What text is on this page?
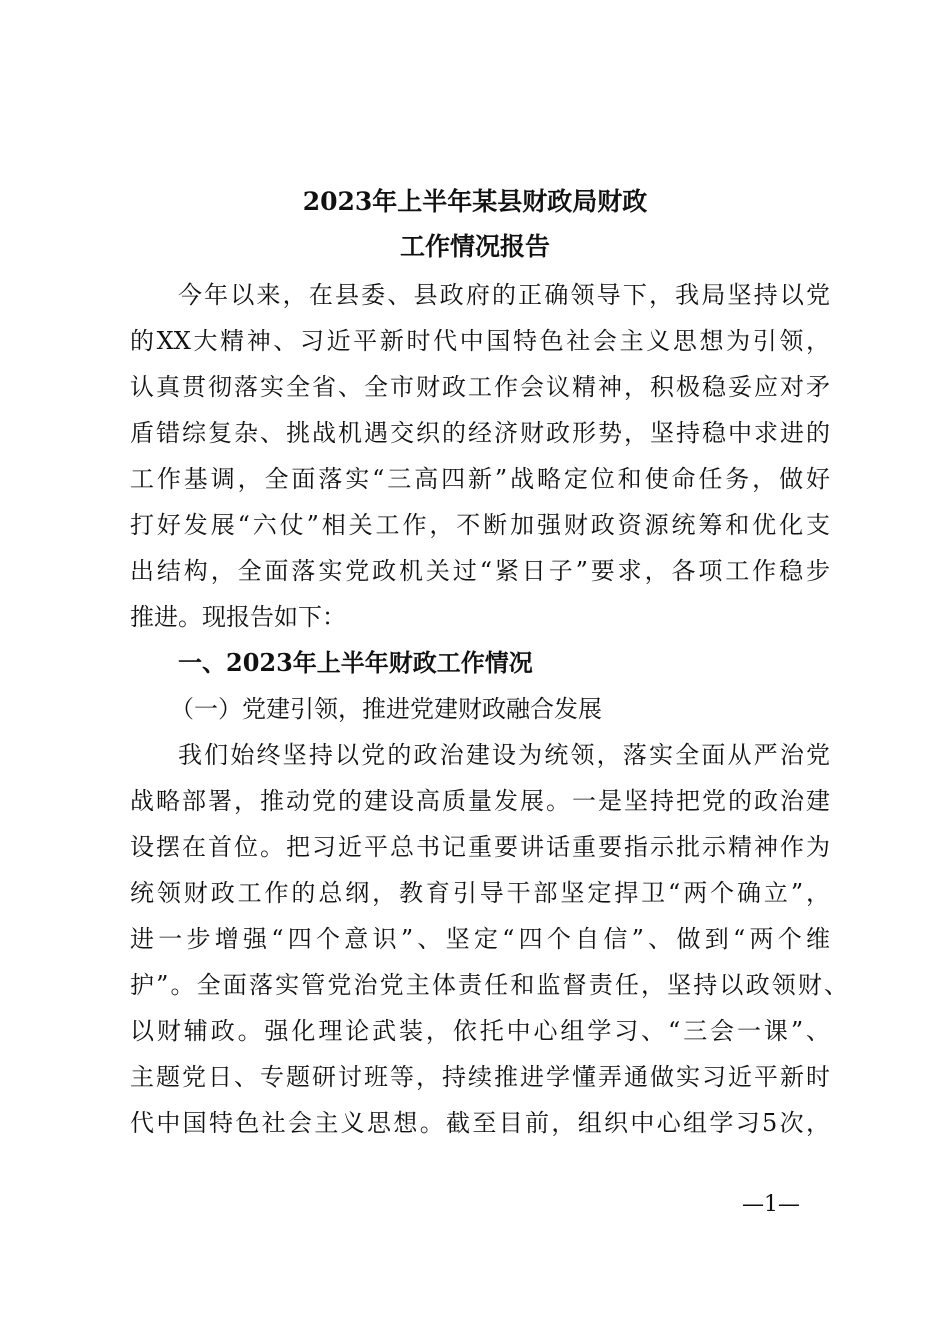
2023年上半年某县财政局财政
工作情况报告
今年以来，在县委、县政府的正确领导下，我局坚持以党
的XX大精神、习近平新时代中国特色社会主义思想为引领，
认真贯彻落实全省、全市财政工作会议精神，积极稳妥应对矛
盾错综复杂、挑战机遇交织的经济财政形势，坚持稳中求进的
工作基调，全面落实“三高四新”战略定位和使命任务，做好
打好发展“六仗”相关工作，不断加强财政资源统筹和优化支
出结构，全面落实党政机关过“紧日子”要求，各项工作稳步
推进。现报告如下：
一、2023年上半年财政工作情况
（一）党建引领，推进党建财政融合发展
我们始终坚持以党的政治建设为统领，落实全面从严治党
战略部署，推动党的建设高质量发展。一是坚持把党的政治建
设摆在首位。把习近平总书记重要讲话重要指示批示精神作为
统领财政工作的总纲，教育引导干部坚定捍卫“两个确立”，
进一步增强“四个意识”、坚定“四个自信”、做到“两个维
护”。全面落实管党治党主体责任和监督责任，坚持以政领财、
以财辅政。强化理论武装，依托中心组学习、“三会一课”、
主题党日、专题研讨班等，持续推进学懂弄通做实习近平新时
代中国特色社会主义思想。截至目前，组织中心组学习5次，
—1—
